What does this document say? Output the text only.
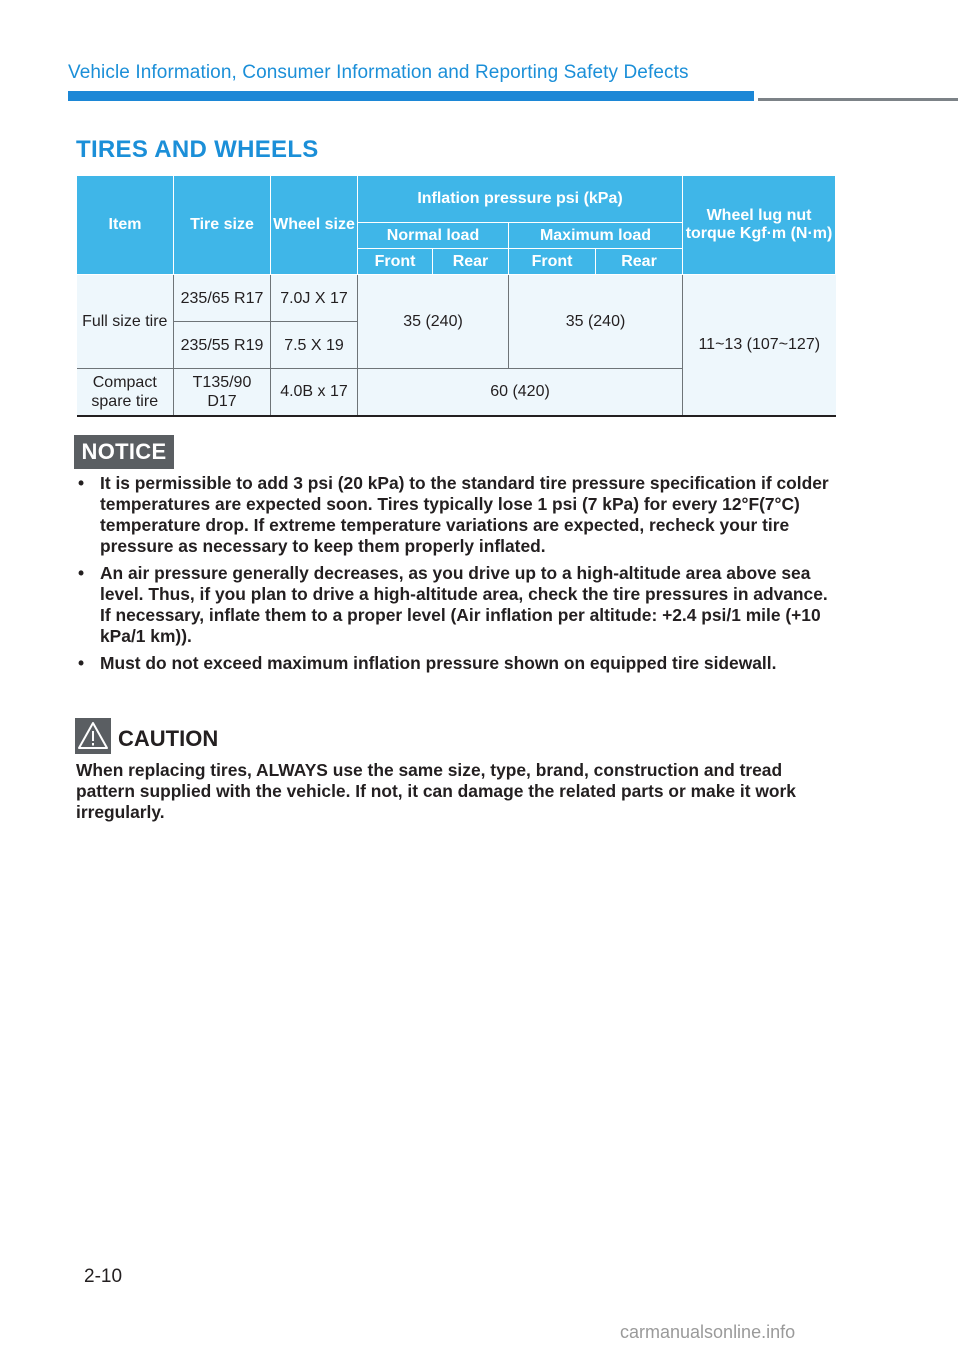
Vehicle Information, Consumer Information and Reporting Safety Defects
TIRES AND WHEELS
Item	Tire size	Wheel size	Inflation pressure psi (kPa)				Wheel lug nut torque Kgf·m (N·m)
			Normal load		Maximum load		
			Front	Rear	Front	Rear	
Full size tire	235/65 R17	7.0J X 17	35 (240)		35 (240)		11~13 (107~127)
	235/55 R19	7.5 X 19					
Compact spare tire	T135/90 D17	4.0B x 17	60 (420)				
NOTICE
• It is permissible to add 3 psi (20 kPa) to the standard tire pressure specification if colder temperatures are expected soon. Tires typically lose 1 psi (7 kPa) for every 12°F(7°C) temperature drop. If extreme temperature variations are expected, recheck your tire pressure as necessary to keep them properly inflated.
• An air pressure generally decreases, as you drive up to a high-altitude area above sea level. Thus, if you plan to drive a high-altitude area, check the tire pressures in advance. If necessary, inflate them to a proper level (Air inflation per altitude: +2.4 psi/1 mile (+10 kPa/1 km)).
• Must do not exceed maximum inflation pressure shown on equipped tire sidewall.
CAUTION
When replacing tires, ALWAYS use the same size, type, brand, construction and tread pattern supplied with the vehicle. If not, it can damage the related parts or make it work irregularly.
2-10
carmanualsonline.info
